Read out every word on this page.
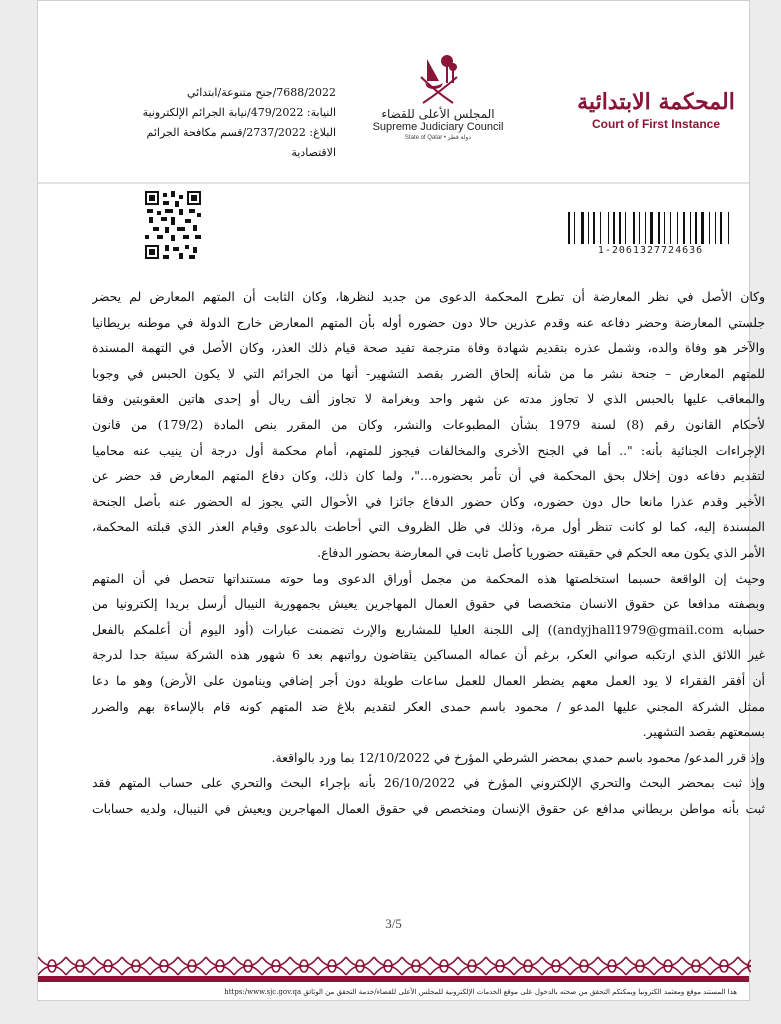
المحكمة الابتدائية
Court of First Instance
المجلس الأعلى للقضاء
Supreme Judiciary Council
State of Qatar • دولة قطر
7688/2022/جنح متنوعة/ابتدائي
النيابة: 479/2022/نيابة الجرائم الإلكترونية
البلاغ: 2737/2022/قسم مكافحة الجرائم
الاقتصادية
1-2061327724636
وكان الأصل في نظر المعارضة أن تطرح المحكمة الدعوى من جديد لنظرها، وكان الثابت أن المتهم المعارض لم يحضر
جلستي المعارضة وحضر دفاعه عنه وقدم عذرين حالا دون حضوره أوله بأن المتهم المعارض خارج الدولة في موطنه بريطانيا
والآخر هو وفاة والده، وشمل عذره بتقديم شهادة وفاة مترجمة تفيد صحة قيام ذلك العذر، وكان الأصل في التهمة المسندة
للمتهم المعارض – جنحة نشر ما من شأنه إلحاق الضرر بقصد التشهير- أنها من الجرائم التي لا يكون الحبس في وجوبا
والمعاقب عليها بالحبس الذي لا تجاوز مدته عن شهر واحد وبغرامة لا تجاوز ألف ريال أو إحدى هاتين العقوبتين وفقا
لأحكام القانون رقم (8) لسنة 1979 بشأن المطبوعات والنشر، وكان من المقرر بنص المادة (179/2) من قانون
الإجراءات الجنائية بأنه: ".. أما في الجنح الأخرى والمخالفات فيجوز للمتهم، أمام محكمة أول درجة أن ينيب عنه محاميا
لتقديم دفاعه دون إخلال بحق المحكمة في أن تأمر بحضوره..."، ولما كان ذلك، وكان دفاع المتهم المعارض قد حضر عن
الأخير وقدم عذرا مانعا حال دون حضوره، وكان حضور الدفاع جائزا في الأحوال التي يجوز له الحضور عنه بأصل الجنحة
المسندة إليه، كما لو كانت تنظر أول مرة، وذلك في ظل الظروف التي أحاطت بالدعوى وقيام العذر الذي قبلته المحكمة،
الأمر الذي يكون معه الحكم في حقيقته حضوريا كأصل ثابت في المعارضة بحضور الدفاع.
وحيث إن الواقعة حسبما استخلصتها هذه المحكمة من مجمل أوراق الدعوى وما حوته مستنداتها تتحصل في أن المتهم
وبصفته مدافعا عن حقوق الانسان متخصصا في حقوق العمال المهاجرين يعيش بجمهورية النيبال أرسل بريدا إلكترونيا من
حسابه andyjhall1979@gmail.com)) إلى اللجنة العليا للمشاريع والإرث تضمنت عبارات (أود اليوم أن أعلمكم بالفعل
غير اللائق الذي ارتكبه صواني العكر، برغم أن عماله المساكين يتقاضون رواتبهم بعد 6 شهور هذه الشركة سيئة جدا لدرجة
أن أفقر الفقراء لا يود العمل معهم يضطر العمال للعمل ساعات طويلة دون أجر إضافي وينامون على الأرض) وهو ما دعا
ممثل الشركة المجني عليها المدعو / محمود باسم حمدى العكر لتقديم بلاغ ضد المتهم كونه قام بالإساءة بهم والضرر
بسمعتهم بقصد التشهير.
وإذ قرر المدعو/ محمود باسم حمدي بمحضر الشرطي المؤرخ في 12/10/2022 بما ورد بالواقعة.
وإذ ثبت بمحضر البحث والتحري الإلكتروني المؤرخ في 26/10/2022 بأنه بإجراء البحث والتحري على حساب المتهم فقد
ثبت بأنه مواطن بريطاني مدافع عن حقوق الإنسان ومتخصص في حقوق العمال المهاجرين ويعيش في النيبال، ولديه حسابات
3/5
هذا المستند موقع ومعتمد الكترونيا ويمكنكم التحقق من صحته بالدخول على موقع الخدمات الإلكترونية للمجلس الأعلى للقضاء/خدمة التحقق من الوثائق https:/www.sjc.gov.qa
